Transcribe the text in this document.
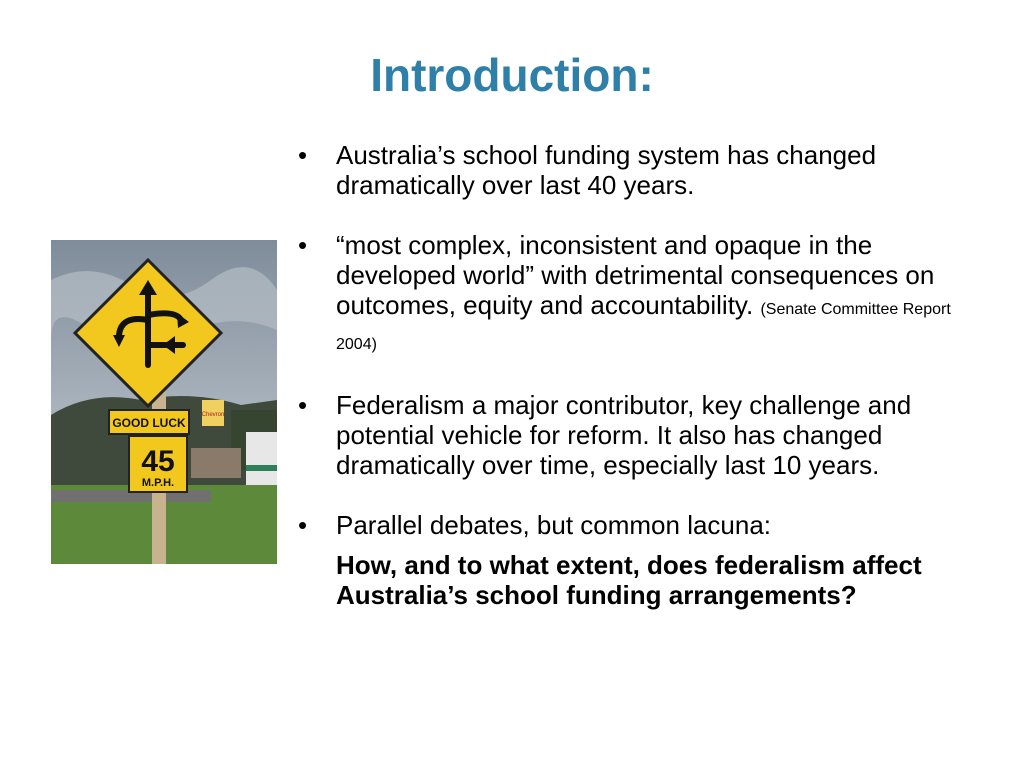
Introduction:
• Australia’s school funding system has changed dramatically over last 40 years.
• “most complex, inconsistent and opaque in the developed world” with detrimental consequences on outcomes, equity and accountability. (Senate Committee Report 2004)
• Federalism a major contributor, key challenge and potential vehicle for reform. It also has changed dramatically over time, especially last 10 years.
• Parallel debates, but common lacuna:
How, and to what extent, does federalism affect Australia’s school funding arrangements?
Chevron
GOOD LUCK
45
M.P.H.
